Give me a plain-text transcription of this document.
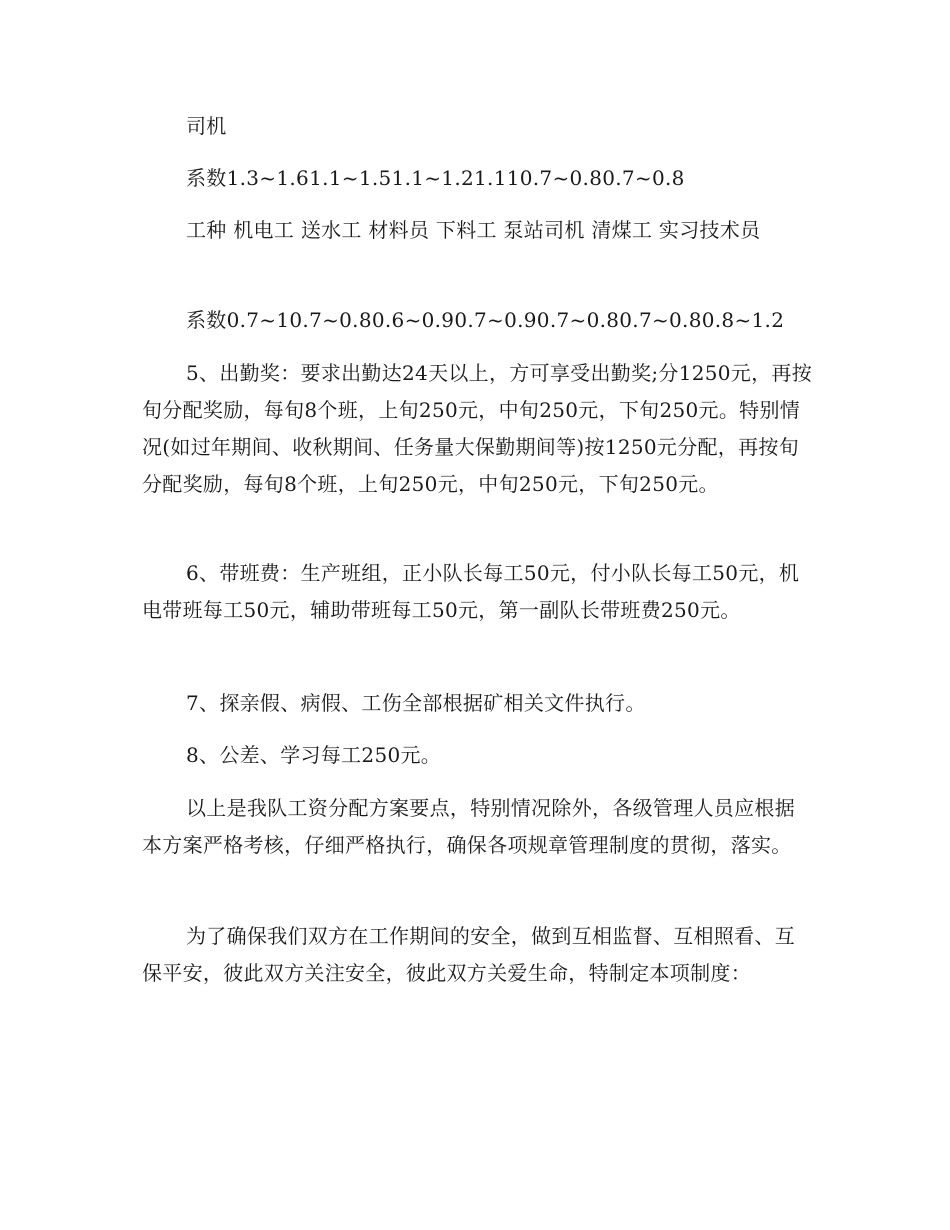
司机

系数1.3~1.61.1~1.51.1~1.21.110.7~0.80.7~0.8

工种 机电工 送水工 材料员 下料工 泵站司机 清煤工 实习技术员

系数0.7~10.7~0.80.6~0.90.7~0.90.7~0.80.7~0.80.8~1.2

5、出勤奖：要求出勤达24天以上，方可享受出勤奖;分1250元，再按旬分配奖励，每旬8个班，上旬250元，中旬250元，下旬250元。特别情况(如过年期间、收秋期间、任务量大保勤期间等)按1250元分配，再按旬分配奖励，每旬8个班，上旬250元，中旬250元，下旬250元。

6、带班费：生产班组，正小队长每工50元，付小队长每工50元，机电带班每工50元，辅助带班每工50元，第一副队长带班费250元。

7、探亲假、病假、工伤全部根据矿相关文件执行。

8、公差、学习每工250元。

以上是我队工资分配方案要点，特别情况除外，各级管理人员应根据本方案严格考核，仔细严格执行，确保各项规章管理制度的贯彻，落实。

为了确保我们双方在工作期间的安全，做到互相监督、互相照看、互保平安，彼此双方关注安全，彼此双方关爱生命，特制定本项制度：
